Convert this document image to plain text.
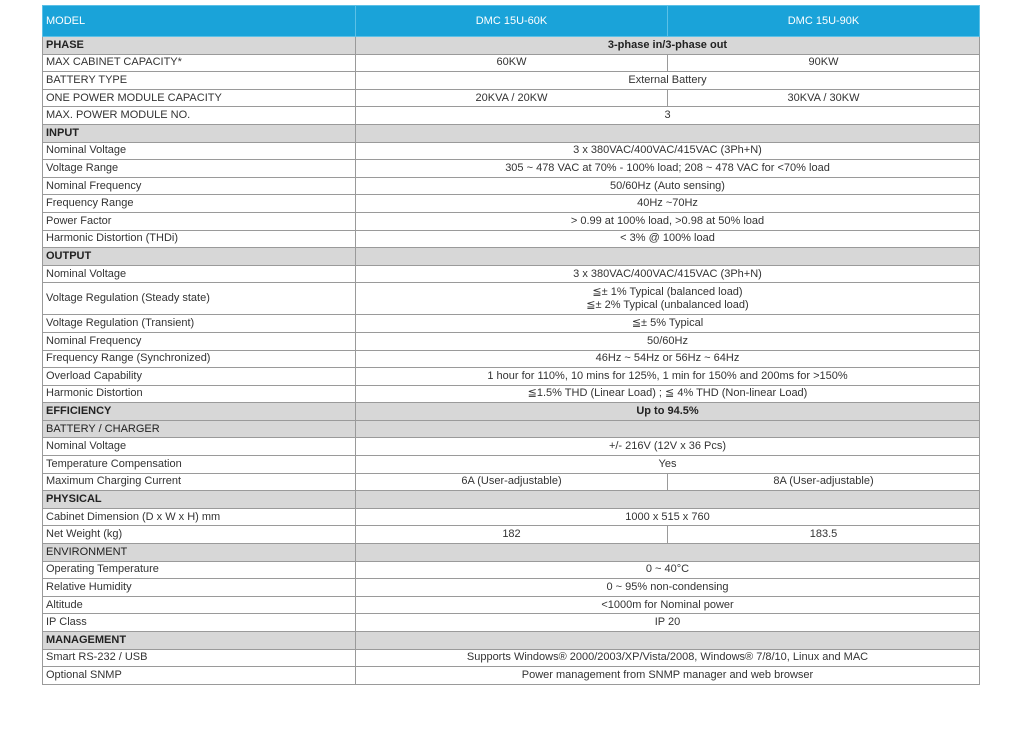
MODEL	DMC 15U-60K	DMC 15U-90K
PHASE	3-phase in/3-phase out	
MAX CABINET CAPACITY*	60KW	90KW
BATTERY TYPE	External Battery	
ONE POWER MODULE CAPACITY	20KVA / 20KW	30KVA / 30KW
MAX. POWER MODULE NO.	3	
INPUT		
Nominal Voltage	3 x 380VAC/400VAC/415VAC (3Ph+N)	
Voltage Range	305 ~ 478 VAC at 70% - 100% load; 208 ~ 478 VAC for <70% load	
Nominal Frequency	50/60Hz (Auto sensing)	
Frequency Range	40Hz ~70Hz	
Power Factor	> 0.99 at 100% load, >0.98 at 50% load	
Harmonic Distortion (THDi)	< 3% @ 100% load	
OUTPUT		
Nominal Voltage	3 x 380VAC/400VAC/415VAC (3Ph+N)	
Voltage Regulation (Steady state)	≦± 1% Typical (balanced load)
≦± 2% Typical (unbalanced load)	

Voltage Regulation (Transient)	≦± 5% Typical	
Nominal Frequency	50/60Hz	
Frequency Range (Synchronized)	46Hz ~ 54Hz or 56Hz ~ 64Hz	
Overload Capability	1 hour for 110%, 10 mins for 125%, 1 min for 150% and 200ms for >150%	
Harmonic Distortion	≦1.5% THD (Linear Load) ; ≦ 4% THD (Non-linear Load)	
EFFICIENCY	Up to 94.5%	
BATTERY / CHARGER		
Nominal Voltage	+/- 216V (12V x 36 Pcs)	
Temperature Compensation	Yes	
Maximum Charging Current	6A (User-adjustable)	8A (User-adjustable)
PHYSICAL		
Cabinet Dimension (D x W x H) mm	1000 x 515 x 760	
Net Weight (kg)	182	183.5
ENVIRONMENT		
Operating Temperature	0 ~ 40°C	
Relative Humidity	0 ~ 95% non-condensing	
Altitude	<1000m for Nominal power	
IP Class	IP 20	
MANAGEMENT		
Smart RS-232 / USB	Supports Windows® 2000/2003/XP/Vista/2008, Windows® 7/8/10, Linux and MAC	
Optional SNMP	Power management from SNMP manager and web browser	
